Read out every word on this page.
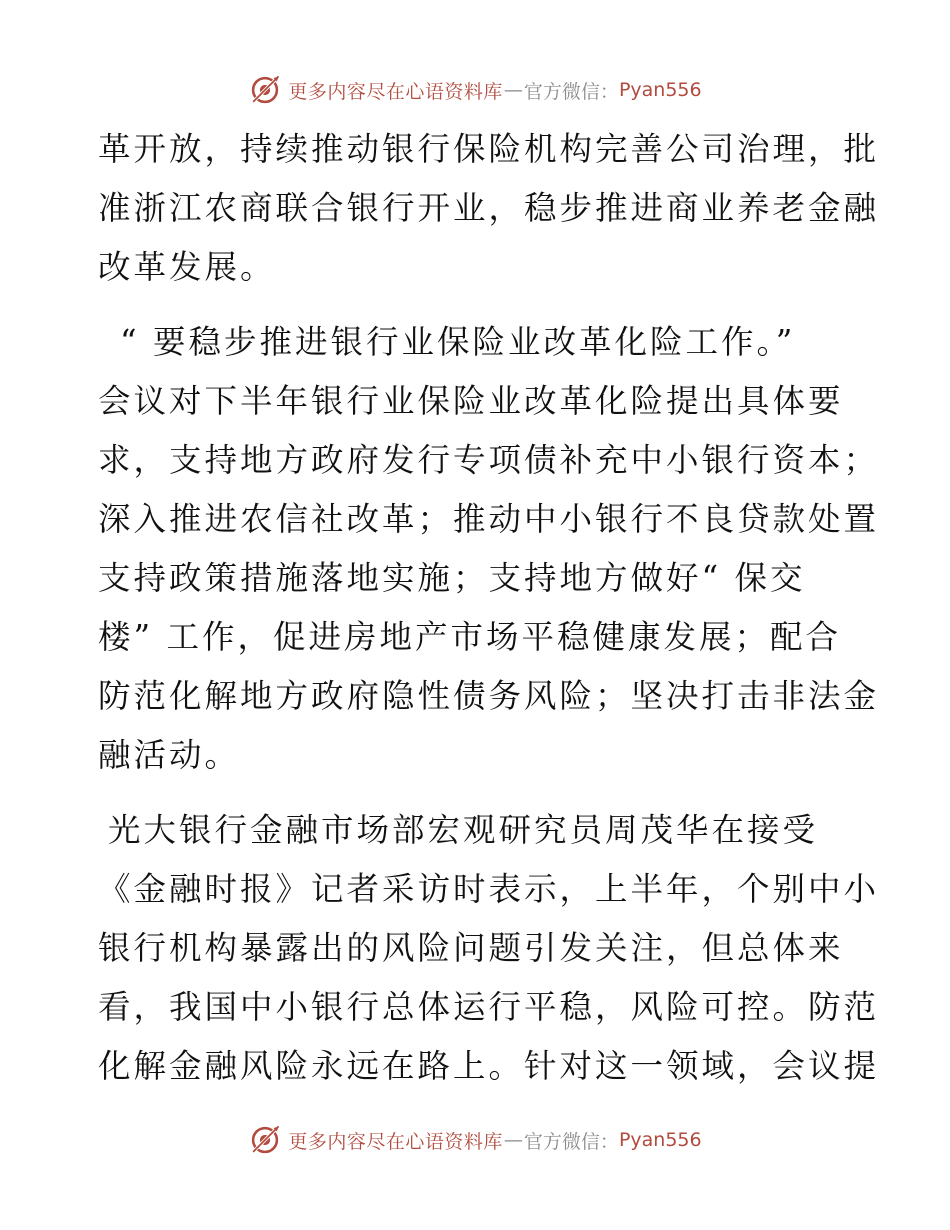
更多内容尽在心语资料库 — 官方微信： Pyan556
革开放，持续推动银行保险机构完善公司治理，批
准浙江农商联合银行开业，稳步推进商业养老金融
改革发展。
“ 要稳步推进银行业保险业改革化险工作。”
会议对下半年银行业保险业改革化险提出具体要
求，支持地方政府发行专项债补充中小银行资本；
深入推进农信社改革；推动中小银行不良贷款处置
支持政策措施落地实施；支持地方做好“ 保交
楼” 工作，促进房地产市场平稳健康发展；配合
防范化解地方政府隐性债务风险；坚决打击非法金
融活动。
光大银行金融市场部宏观研究员周茂华在接受
《金融时报》记者采访时表示，上半年，个别中小
银行机构暴露出的风险问题引发关注，但总体来
看，我国中小银行总体运行平稳，风险可控。防范
化解金融风险永远在路上。针对这一领域，会议提
更多内容尽在心语资料库 — 官方微信： Pyan556
